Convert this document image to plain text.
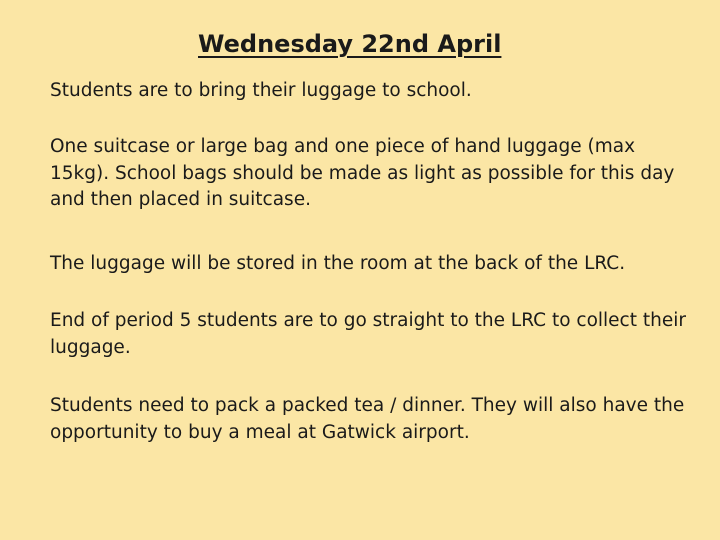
Wednesday 22nd April

Students are to bring their luggage to school.

One suitcase or large bag and one piece of hand luggage (max 15kg). School bags should be made as light as possible for this day and then placed in suitcase.

The luggage will be stored in the room at the back of the LRC.

End of period 5 students are to go straight to the LRC to collect their luggage.

Students need to pack a packed tea / dinner. They will also have the opportunity to buy a meal at Gatwick airport.
